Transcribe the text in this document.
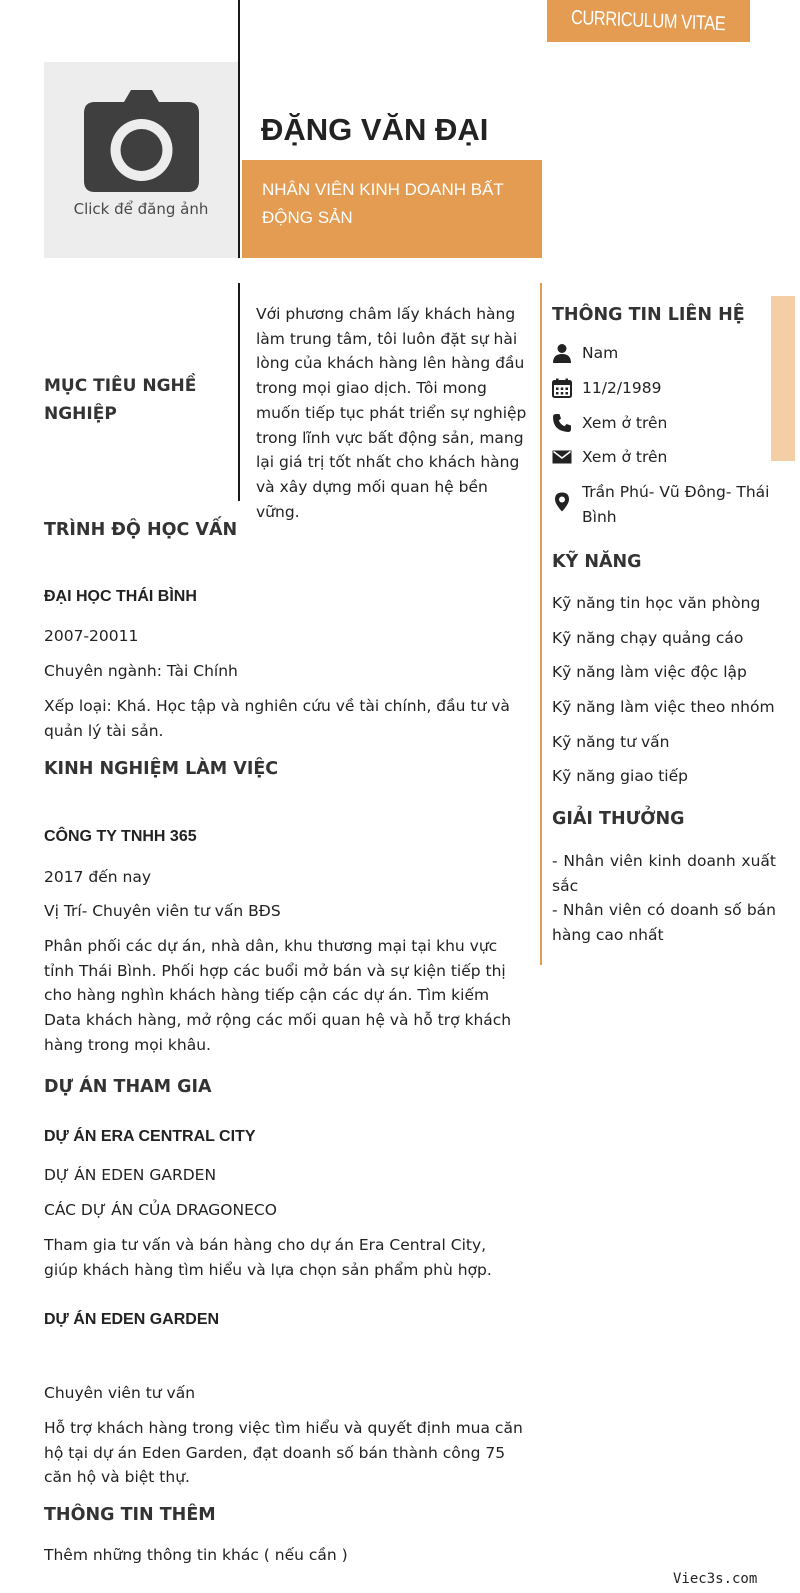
CURRICULUM VITAE
Click để đăng ảnh
ĐẶNG VĂN ĐẠI
NHÂN VIÊN KINH DOANH BẤT ĐỘNG SẢN
MỤC TIÊU NGHỀ NGHIỆP
Với phương châm lấy khách hàng làm trung tâm, tôi luôn đặt sự hài lòng của khách hàng lên hàng đầu trong mọi giao dịch. Tôi mong muốn tiếp tục phát triển sự nghiệp trong lĩnh vực bất động sản, mang lại giá trị tốt nhất cho khách hàng và xây dựng mối quan hệ bền vững.
TRÌNH ĐỘ HỌC VẤN
ĐẠI HỌC THÁI BÌNH
2007-20011
Chuyên ngành: Tài Chính
Xếp loại: Khá. Học tập và nghiên cứu về tài chính, đầu tư và quản lý tài sản.
KINH NGHIỆM LÀM VIỆC
CÔNG TY TNHH 365
2017 đến nay
Vị Trí- Chuyên viên tư vấn BĐS
Phân phối các dự án, nhà dân, khu thương mại tại khu vực tỉnh Thái Bình. Phối hợp các buổi mở bán và sự kiện tiếp thị cho hàng nghìn khách hàng tiếp cận các dự án. Tìm kiếm Data khách hàng, mở rộng các mối quan hệ và hỗ trợ khách hàng trong mọi khâu.
DỰ ÁN THAM GIA
DỰ ÁN ERA CENTRAL CITY
DỰ ÁN EDEN GARDEN
CÁC DỰ ÁN CỦA DRAGONECO
Tham gia tư vấn và bán hàng cho dự án Era Central City, giúp khách hàng tìm hiểu và lựa chọn sản phẩm phù hợp.
DỰ ÁN EDEN GARDEN
Chuyên viên tư vấn
Hỗ trợ khách hàng trong việc tìm hiểu và quyết định mua căn hộ tại dự án Eden Garden, đạt doanh số bán thành công 75 căn hộ và biệt thự.
THÔNG TIN THÊM
Thêm những thông tin khác ( nếu cần )
THÔNG TIN LIÊN HỆ
Nam
11/2/1989
Xem ở trên
Xem ở trên
Trần Phú- Vũ Đông- Thái Bình
KỸ NĂNG
Kỹ năng tin học văn phòng
Kỹ năng chạy quảng cáo
Kỹ năng làm việc độc lập
Kỹ năng làm việc theo nhóm
Kỹ năng tư vấn
Kỹ năng giao tiếp
GIẢI THƯỞNG
- Nhân viên kinh doanh xuất sắc
- Nhân viên có doanh số bán hàng cao nhất
Viec3s.com
